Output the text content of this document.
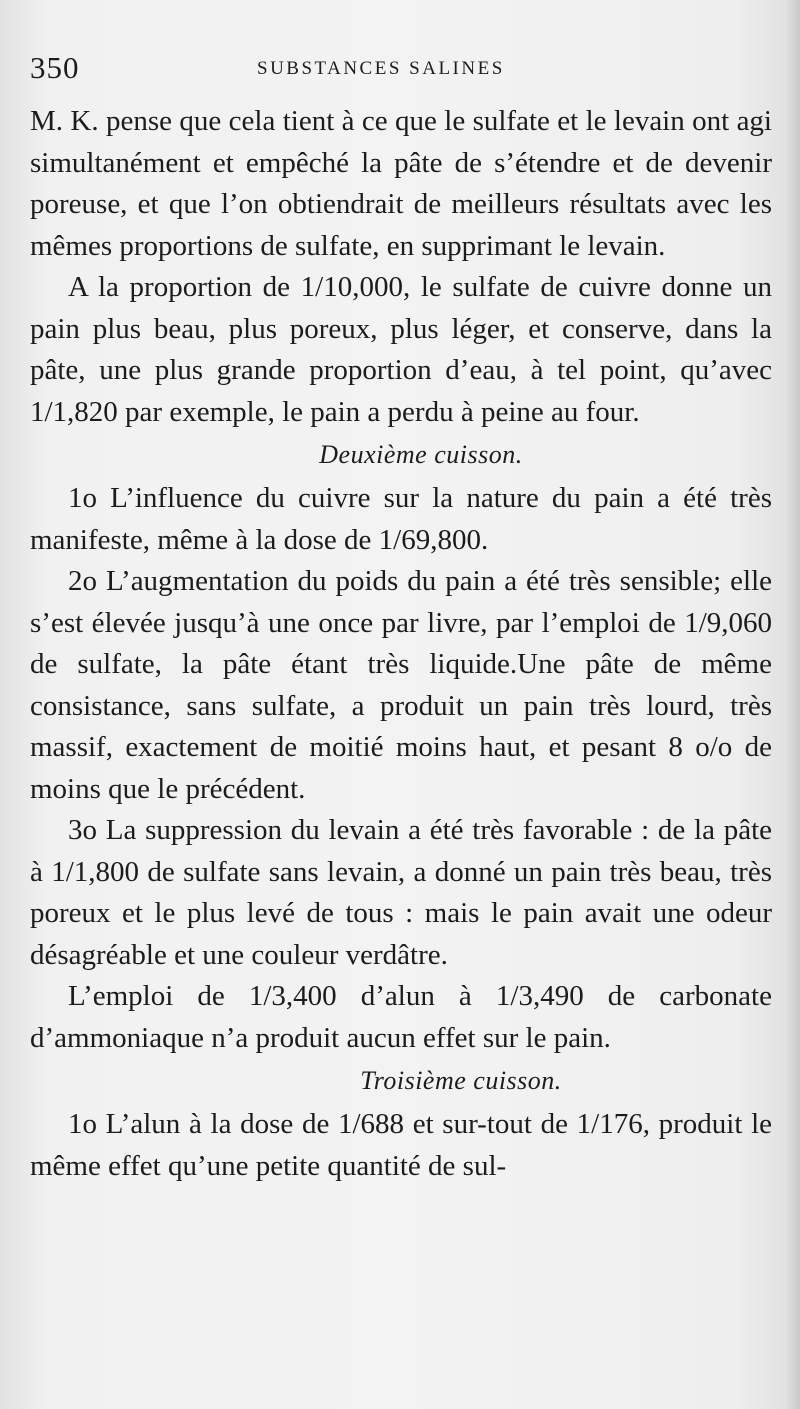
350	SUBSTANCES SALINES

M. K. pense que cela tient à ce que le sulfate et le levain ont agi simultanément et empêché la pâte de s’étendre et de devenir poreuse, et que l’on obtiendrait de meilleurs résultats avec les mêmes proportions de sulfate, en supprimant le levain.

A la proportion de 1/10,000, le sulfate de cuivre donne un pain plus beau, plus poreux, plus léger, et conserve, dans la pâte, une plus grande proportion d’eau, à tel point, qu’avec 1/1,820 par exemple, le pain a perdu à peine au four.

Deuxième cuisson.

1o L’influence du cuivre sur la nature du pain a été très manifeste, même à la dose de 1/69,800.

2o L’augmentation du poids du pain a été très sensible; elle s’est élevée jusqu’à une once par livre, par l’emploi de 1/9,060 de sulfate, la pâte étant très liquide.Une pâte de même consistance, sans sulfate, a produit un pain très lourd, très massif, exactement de moitié moins haut, et pesant 8 o/o de moins que le précédent.

3o La suppression du levain a été très favorable : de la pâte à 1/1,800 de sulfate sans levain, a donné un pain très beau, très poreux et le plus levé de tous : mais le pain avait une odeur désagréable et une couleur verdâtre.

L’emploi de 1/3,400 d’alun à 1/3,490 de carbonate d’ammoniaque n’a produit aucun effet sur le pain.

Troisième cuisson.

1o L’alun à la dose de 1/688 et sur-tout de 1/176, produit le même effet qu’une petite quantité de sul-
